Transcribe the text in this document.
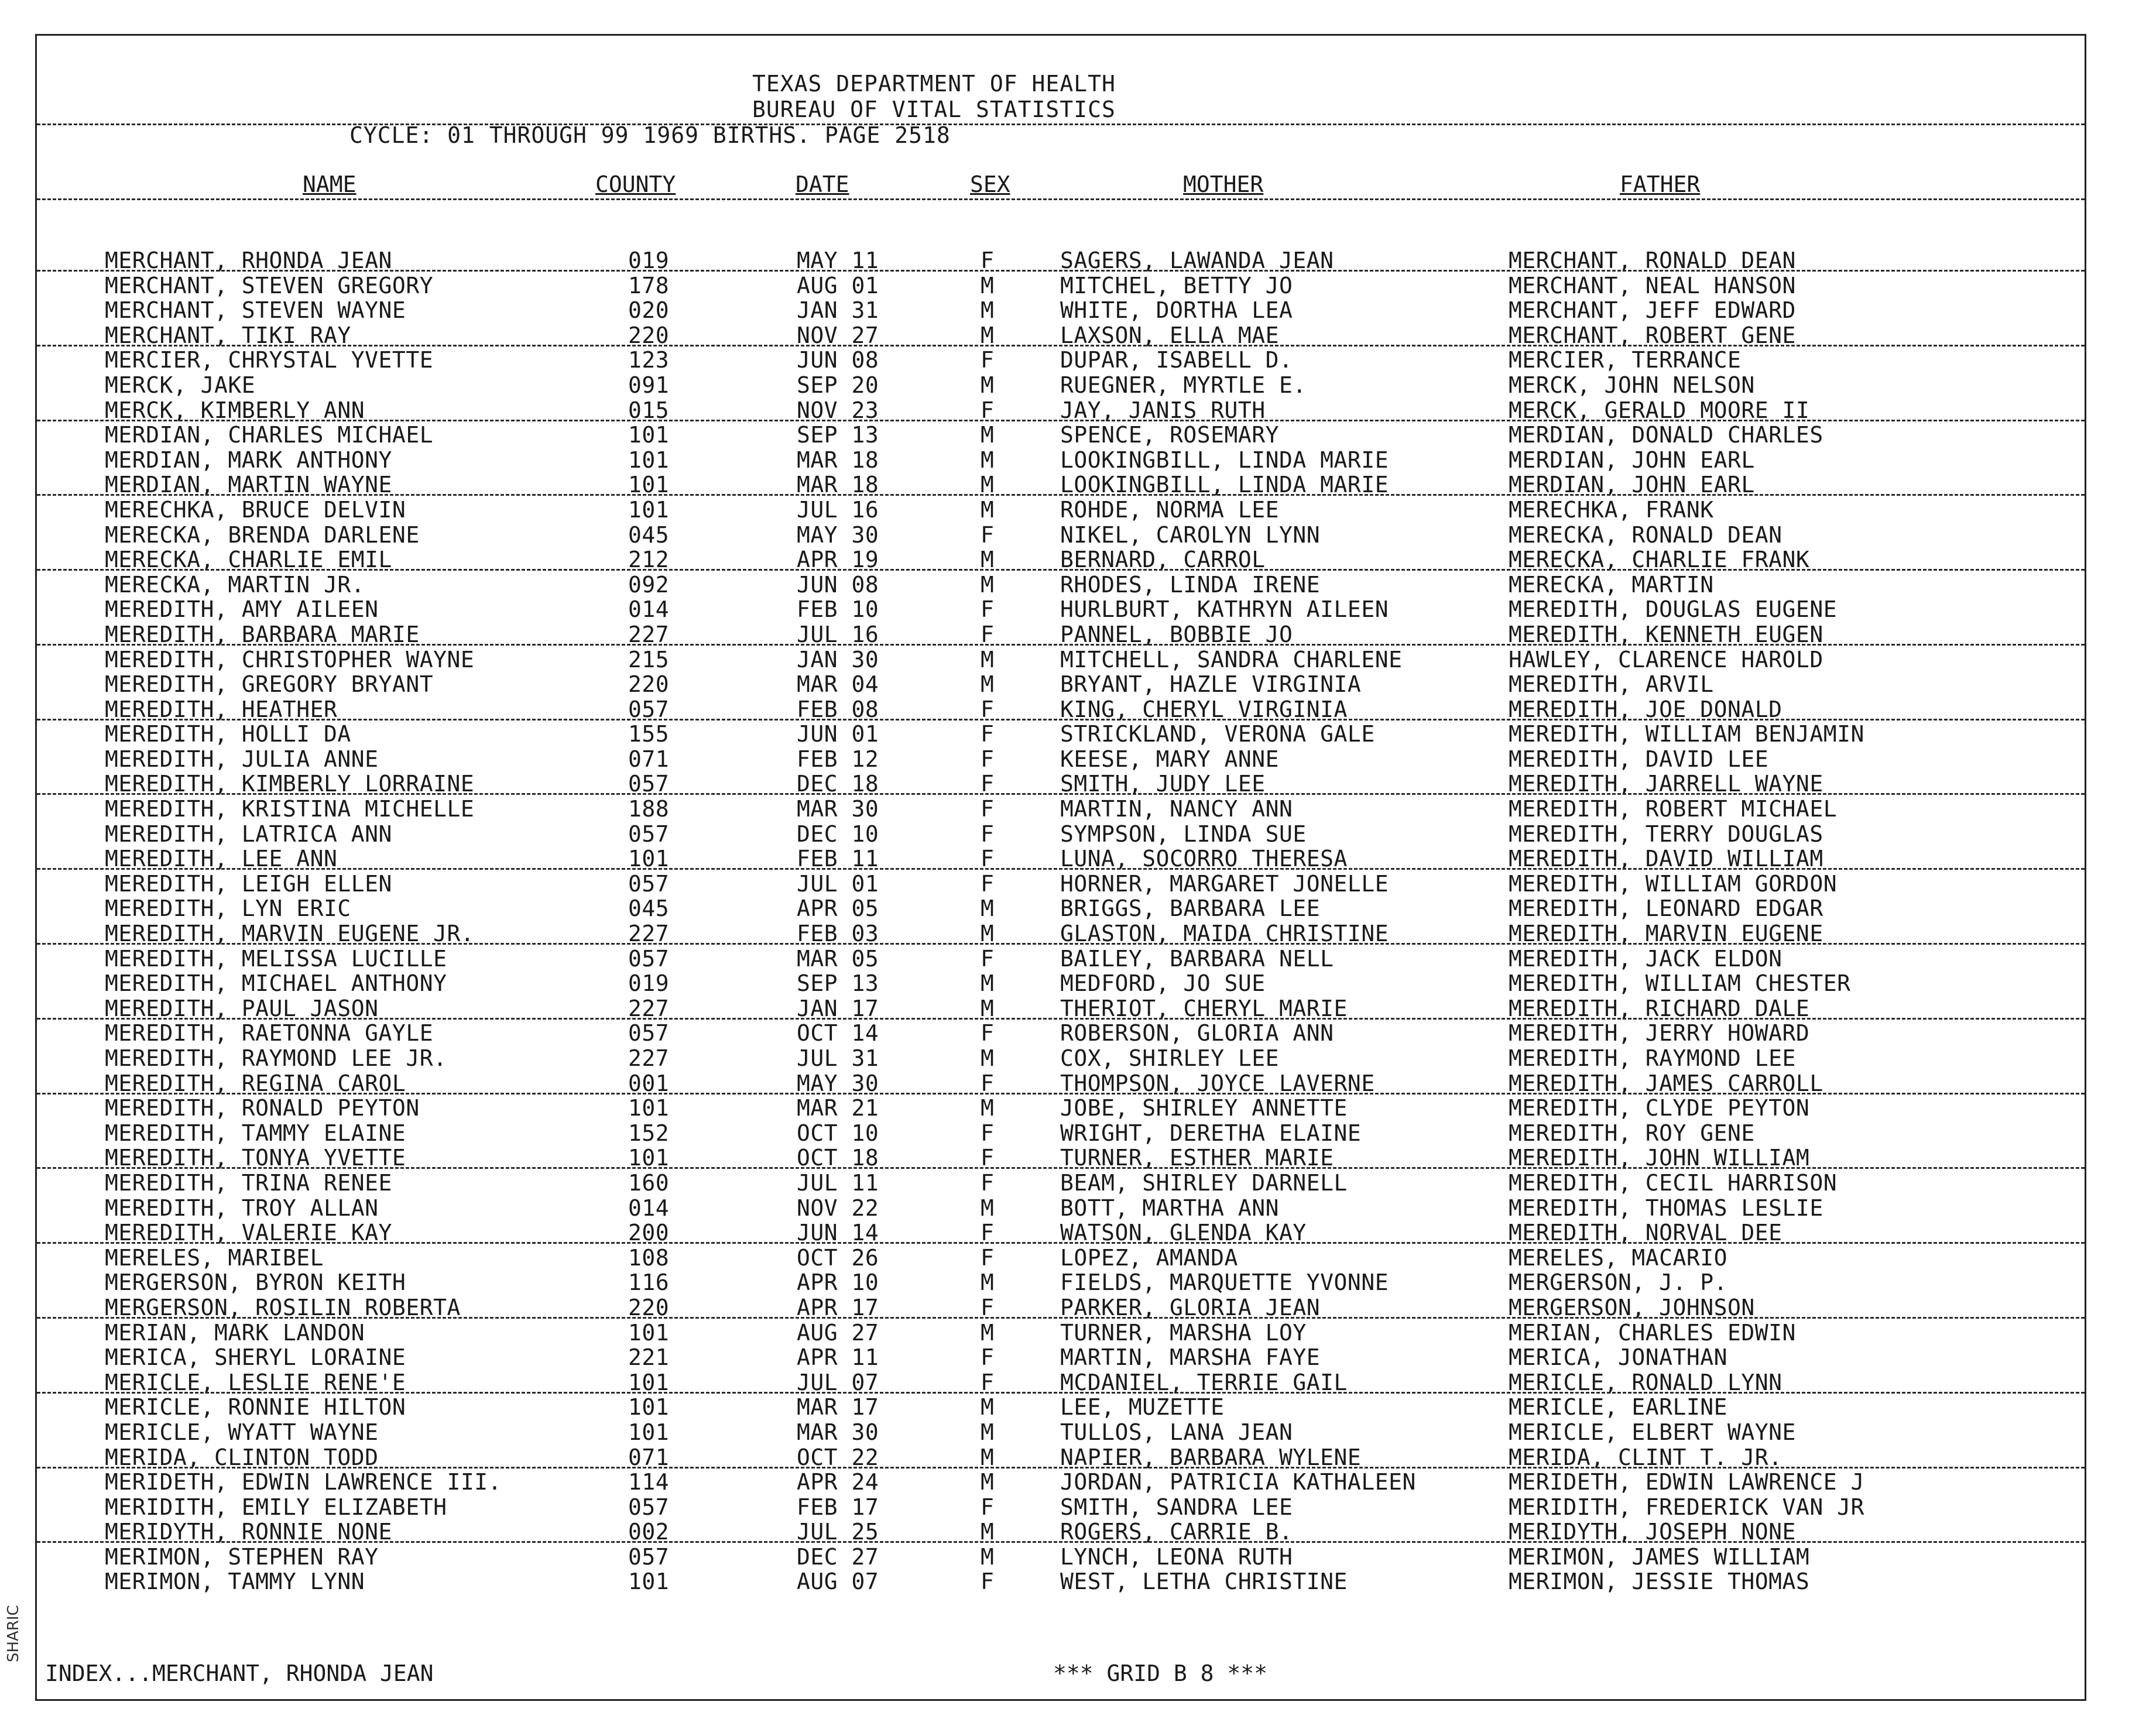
TEXAS DEPARTMENT OF HEALTH
BUREAU OF VITAL STATISTICS
CYCLE: 01 THROUGH 99 1969 BIRTHS. PAGE 2518
NAME	COUNTY	DATE	SEX	MOTHER	FATHER
MERCHANT, RHONDA JEAN	019	MAY 11	F	SAGERS, LAWANDA JEAN	MERCHANT, RONALD DEAN
MERCHANT, STEVEN GREGORY	178	AUG 01	M	MITCHEL, BETTY JO	MERCHANT, NEAL HANSON
MERCHANT, STEVEN WAYNE	020	JAN 31	M	WHITE, DORTHA LEA	MERCHANT, JEFF EDWARD
MERCHANT, TIKI RAY	220	NOV 27	M	LAXSON, ELLA MAE	MERCHANT, ROBERT GENE
MERCIER, CHRYSTAL YVETTE	123	JUN 08	F	DUPAR, ISABELL D.	MERCIER, TERRANCE
MERCK, JAKE	091	SEP 20	M	RUEGNER, MYRTLE E.	MERCK, JOHN NELSON
MERCK, KIMBERLY ANN	015	NOV 23	F	JAY, JANIS RUTH	MERCK, GERALD MOORE II
MERDIAN, CHARLES MICHAEL	101	SEP 13	M	SPENCE, ROSEMARY	MERDIAN, DONALD CHARLES
MERDIAN, MARK ANTHONY	101	MAR 18	M	LOOKINGBILL, LINDA MARIE	MERDIAN, JOHN EARL
MERDIAN, MARTIN WAYNE	101	MAR 18	M	LOOKINGBILL, LINDA MARIE	MERDIAN, JOHN EARL
MERECHKA, BRUCE DELVIN	101	JUL 16	M	ROHDE, NORMA LEE	MERECHKA, FRANK
MERECKA, BRENDA DARLENE	045	MAY 30	F	NIKEL, CAROLYN LYNN	MERECKA, RONALD DEAN
MERECKA, CHARLIE EMIL	212	APR 19	M	BERNARD, CARROL	MERECKA, CHARLIE FRANK
MERECKA, MARTIN JR.	092	JUN 08	M	RHODES, LINDA IRENE	MERECKA, MARTIN
MEREDITH, AMY AILEEN	014	FEB 10	F	HURLBURT, KATHRYN AILEEN	MEREDITH, DOUGLAS EUGENE
MEREDITH, BARBARA MARIE	227	JUL 16	F	PANNEL, BOBBIE JO	MEREDITH, KENNETH EUGEN
MEREDITH, CHRISTOPHER WAYNE	215	JAN 30	M	MITCHELL, SANDRA CHARLENE	HAWLEY, CLARENCE HAROLD
MEREDITH, GREGORY BRYANT	220	MAR 04	M	BRYANT, HAZLE VIRGINIA	MEREDITH, ARVIL
MEREDITH, HEATHER	057	FEB 08	F	KING, CHERYL VIRGINIA	MEREDITH, JOE DONALD
MEREDITH, HOLLI DA	155	JUN 01	F	STRICKLAND, VERONA GALE	MEREDITH, WILLIAM BENJAMIN
MEREDITH, JULIA ANNE	071	FEB 12	F	KEESE, MARY ANNE	MEREDITH, DAVID LEE
MEREDITH, KIMBERLY LORRAINE	057	DEC 18	F	SMITH, JUDY LEE	MEREDITH, JARRELL WAYNE
MEREDITH, KRISTINA MICHELLE	188	MAR 30	F	MARTIN, NANCY ANN	MEREDITH, ROBERT MICHAEL
MEREDITH, LATRICA ANN	057	DEC 10	F	SYMPSON, LINDA SUE	MEREDITH, TERRY DOUGLAS
MEREDITH, LEE ANN	101	FEB 11	F	LUNA, SOCORRO THERESA	MEREDITH, DAVID WILLIAM
MEREDITH, LEIGH ELLEN	057	JUL 01	F	HORNER, MARGARET JONELLE	MEREDITH, WILLIAM GORDON
MEREDITH, LYN ERIC	045	APR 05	M	BRIGGS, BARBARA LEE	MEREDITH, LEONARD EDGAR
MEREDITH, MARVIN EUGENE JR.	227	FEB 03	M	GLASTON, MAIDA CHRISTINE	MEREDITH, MARVIN EUGENE
MEREDITH, MELISSA LUCILLE	057	MAR 05	F	BAILEY, BARBARA NELL	MEREDITH, JACK ELDON
MEREDITH, MICHAEL ANTHONY	019	SEP 13	M	MEDFORD, JO SUE	MEREDITH, WILLIAM CHESTER
MEREDITH, PAUL JASON	227	JAN 17	M	THERIOT, CHERYL MARIE	MEREDITH, RICHARD DALE
MEREDITH, RAETONNA GAYLE	057	OCT 14	F	ROBERSON, GLORIA ANN	MEREDITH, JERRY HOWARD
MEREDITH, RAYMOND LEE JR.	227	JUL 31	M	COX, SHIRLEY LEE	MEREDITH, RAYMOND LEE
MEREDITH, REGINA CAROL	001	MAY 30	F	THOMPSON, JOYCE LAVERNE	MEREDITH, JAMES CARROLL
MEREDITH, RONALD PEYTON	101	MAR 21	M	JOBE, SHIRLEY ANNETTE	MEREDITH, CLYDE PEYTON
MEREDITH, TAMMY ELAINE	152	OCT 10	F	WRIGHT, DERETHA ELAINE	MEREDITH, ROY GENE
MEREDITH, TONYA YVETTE	101	OCT 18	F	TURNER, ESTHER MARIE	MEREDITH, JOHN WILLIAM
MEREDITH, TRINA RENEE	160	JUL 11	F	BEAM, SHIRLEY DARNELL	MEREDITH, CECIL HARRISON
MEREDITH, TROY ALLAN	014	NOV 22	M	BOTT, MARTHA ANN	MEREDITH, THOMAS LESLIE
MEREDITH, VALERIE KAY	200	JUN 14	F	WATSON, GLENDA KAY	MEREDITH, NORVAL DEE
MERELES, MARIBEL	108	OCT 26	F	LOPEZ, AMANDA	MERELES, MACARIO
MERGERSON, BYRON KEITH	116	APR 10	M	FIELDS, MARQUETTE YVONNE	MERGERSON, J. P.
MERGERSON, ROSILIN ROBERTA	220	APR 17	F	PARKER, GLORIA JEAN	MERGERSON, JOHNSON
MERIAN, MARK LANDON	101	AUG 27	M	TURNER, MARSHA LOY	MERIAN, CHARLES EDWIN
MERICA, SHERYL LORAINE	221	APR 11	F	MARTIN, MARSHA FAYE	MERICA, JONATHAN
MERICLE, LESLIE RENE'E	101	JUL 07	F	MCDANIEL, TERRIE GAIL	MERICLE, RONALD LYNN
MERICLE, RONNIE HILTON	101	MAR 17	M	LEE, MUZETTE	MERICLE, EARLINE
MERICLE, WYATT WAYNE	101	MAR 30	M	TULLOS, LANA JEAN	MERICLE, ELBERT WAYNE
MERIDA, CLINTON TODD	071	OCT 22	M	NAPIER, BARBARA WYLENE	MERIDA, CLINT T. JR.
MERIDETH, EDWIN LAWRENCE III.	114	APR 24	M	JORDAN, PATRICIA KATHALEEN	MERIDETH, EDWIN LAWRENCE J
MERIDITH, EMILY ELIZABETH	057	FEB 17	F	SMITH, SANDRA LEE	MERIDITH, FREDERICK VAN JR
MERIDYTH, RONNIE NONE	002	JUL 25	M	ROGERS, CARRIE B.	MERIDYTH, JOSEPH NONE
MERIMON, STEPHEN RAY	057	DEC 27	M	LYNCH, LEONA RUTH	MERIMON, JAMES WILLIAM
MERIMON, TAMMY LYNN	101	AUG 07	F	WEST, LETHA CHRISTINE	MERIMON, JESSIE THOMAS
INDEX...MERCHANT, RHONDA JEAN	*** GRID B 8 ***
SHARIC
